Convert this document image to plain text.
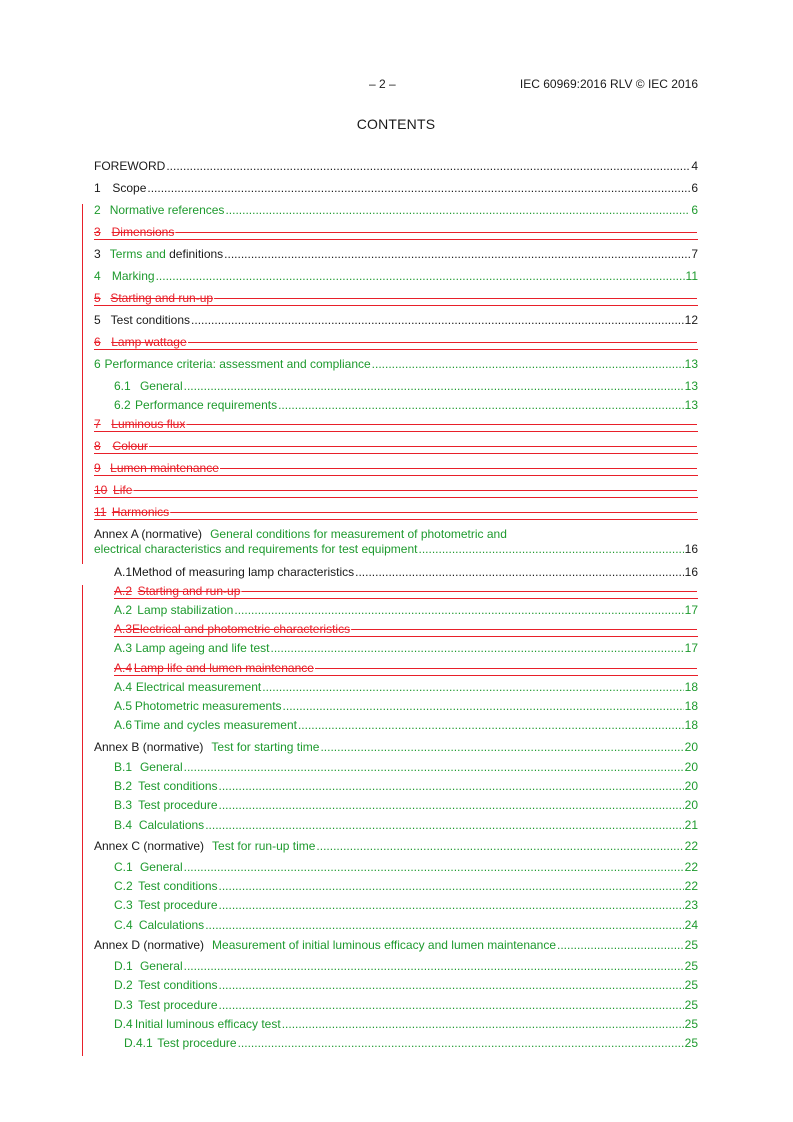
– 2 –	IEC 60969:2016 RLV © IEC 2016
CONTENTS
FOREWORD .....	4
1 Scope .....	6
2 Normative references .....	6
3 Dimensions
3 Terms and definitions .....	7
4 Marking .....	11
5 Starting and run-up
5 Test conditions .....	12
6 Lamp wattage
6 Performance criteria: assessment and compliance .....	13
6.1 General .....	13
6.2 Performance requirements .....	13
7 Luminous flux
8 Colour
9 Lumen maintenance
10 Life
11 Harmonics
Annex A (normative) General conditions for measurement of photometric and
electrical characteristics and requirements for test equipment .....	16
A.1 Method of measuring lamp characteristics .....	16
A.2 Starting and run-up
A.2 Lamp stabilization .....	17
A.3 Electrical and photometric characteristics
A.3 Lamp ageing and life test .....	17
A.4 Lamp life and lumen maintenance
A.4 Electrical measurement .....	18
A.5 Photometric measurements .....	18
A.6 Time and cycles measurement .....	18
Annex B (normative) Test for starting time .....	20
B.1 General .....	20
B.2 Test conditions .....	20
B.3 Test procedure .....	20
B.4 Calculations .....	21
Annex C (normative) Test for run-up time .....	22
C.1 General .....	22
C.2 Test conditions .....	22
C.3 Test procedure .....	23
C.4 Calculations .....	24
Annex D (normative) Measurement of initial luminous efficacy and lumen maintenance .....	25
D.1 General .....	25
D.2 Test conditions .....	25
D.3 Test procedure .....	25
D.4 Initial luminous efficacy test .....	25
D.4.1 Test procedure .....	25
